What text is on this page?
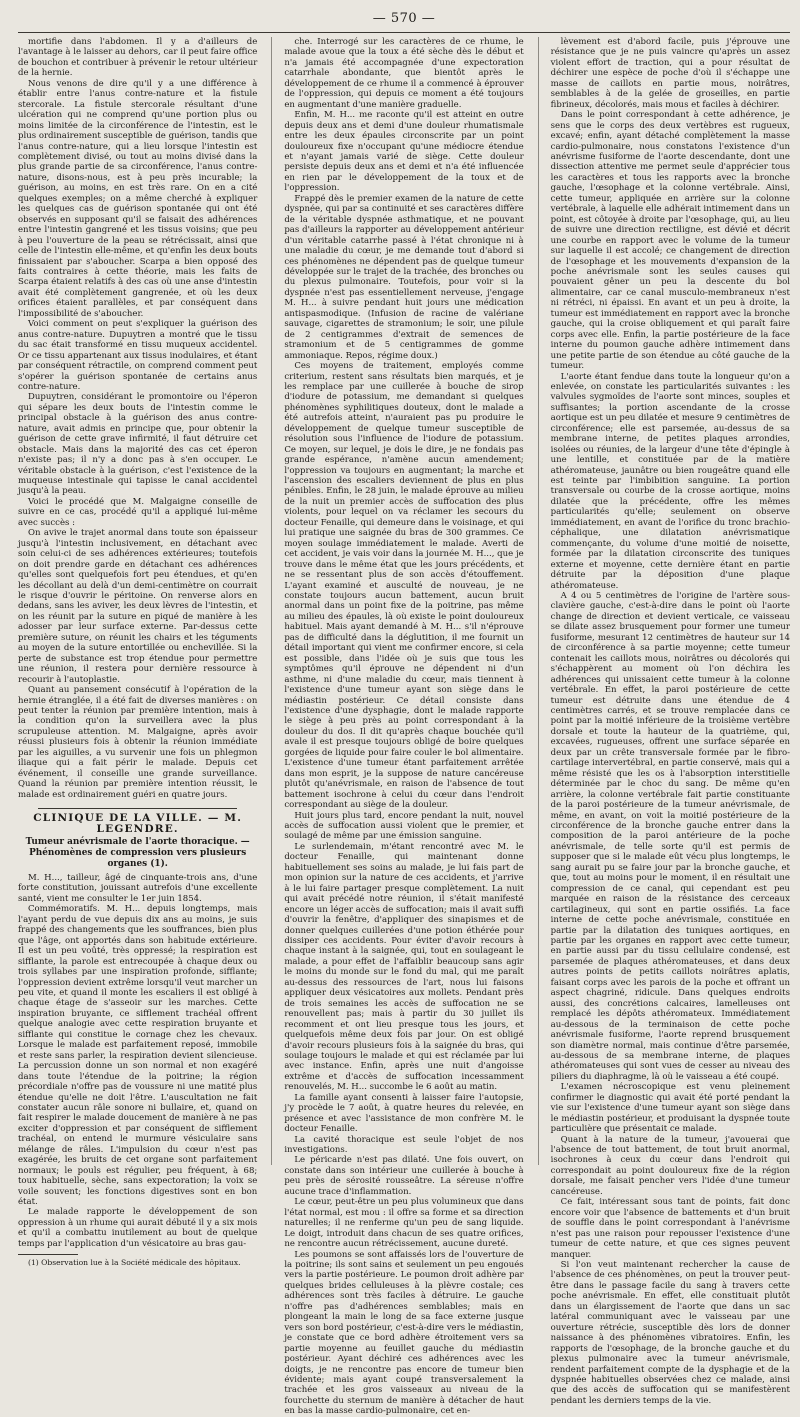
— 570 —

mortifie dans l'abdomen. Il y a d'ailleurs de l'avantage à le laisser au dehors, car il peut faire office de bouchon et contribuer à prévenir le retour ultérieur de la hernie.

Nous venons de dire qu'il y a une différence à établir entre l'anus contre-nature et la fistule stercorale. La fistule stercorale résultant d'une ulcération qui ne comprend qu'une portion plus ou moins limitée de la circonférence de l'intestin, est le plus ordinairement susceptible de guérison, tandis que l'anus contre-nature, qui a lieu lorsque l'intestin est complètement divisé, ou tout au moins divisé dans la plus grande partie de sa circonférence, l'anus contre-nature, disons-nous, est à peu près incurable; la guérison, au moins, en est très rare. On en a cité quelques exemples; on a même cherché à expliquer les quelques cas de guérison spontanée qui ont été observés en supposant qu'il se faisait des adhérences entre l'intestin gangrené et les tissus voisins; que peu à peu l'ouverture de la peau se rétrécissait, ainsi que celle de l'intestin elle-même, et qu'enfin les deux bouts finissaient par s'aboucher. Scarpa a bien opposé des faits contraires à cette théorie, mais les faits de Scarpa étaient relatifs à des cas où une anse d'intestin avait été complètement gangrenée, et où les deux orifices étaient parallèles, et par conséquent dans l'impossibilité de s'aboucher.

Voici comment on peut s'expliquer la guérison des anus contre-nature. Dupuytren a montré que le tissu du sac était transformé en tissu muqueux accidentel. Or ce tissu appartenant aux tissus inodulaires, et étant par conséquent rétractile, on comprend comment peut s'opérer la guérison spontanée de certains anus contre-nature.

Dupuytren, considérant le promontoire ou l'éperon qui sépare les deux bouts de l'intestin comme le principal obstacle à la guérison des anus contre-nature, avait admis en principe que, pour obtenir la guérison de cette grave infirmité, il faut détruire cet obstacle. Mais dans la majorité des cas cet éperon n'existe pas; il n'y a donc pas à s'en occuper. Le véritable obstacle à la guérison, c'est l'existence de la muqueuse intestinale qui tapisse le canal accidentel jusqu'à la peau.

Voici le procédé que M. Malgaigne conseille de suivre en ce cas, procédé qu'il a appliqué lui-même avec succès :

On avive le trajet anormal dans toute son épaisseur jusqu'à l'intestin inclusivement, en détachant avec soin celui-ci de ses adhérences extérieures; toutefois on doit prendre garde en détachant ces adhérences qu'elles sont quelquefois fort peu étendues, et qu'en les décollant au delà d'un demi-centimètre on courrait le risque d'ouvrir le péritoine. On renverse alors en dedans, sans les aviver, les deux lèvres de l'intestin, et on les réunit par la suture en piqué de manière à les adosser par leur surface externe. Par-dessus cette première suture, on réunit les chairs et les téguments au moyen de la suture entortillée ou enchevillée. Si la perte de substance est trop étendue pour permettre une réunion, il restera pour dernière ressource à recourir à l'autoplastie.

Quant au pansement consécutif à l'opération de la hernie étranglée, il a été fait de diverses manières : on peut tenter la réunion par première intention, mais à la condition qu'on la surveillera avec la plus scrupuleuse attention. M. Malgaigne, après avoir réussi plusieurs fois à obtenir la réunion immédiate par les aiguilles, a vu survenir une fois un phlegmon iliaque qui a fait périr le malade. Depuis cet événement, il conseille une grande surveillance. Quand la réunion par première intention réussit, le malade est ordinairement guéri en quatre jours.

CLINIQUE DE LA VILLE. — M. LEGENDRE.
Tumeur anévrismale de l'aorte thoracique. — Phénomènes de compression vers plusieurs organes (1).

M. H..., tailleur, âgé de cinquante-trois ans, d'une forte constitution, jouissant autrefois d'une excellente santé, vient me consulter le 1er juin 1854.

Commémoratifs. M. H... depuis longtemps, mais l'ayant perdu de vue depuis dix ans au moins, je suis frappé des changements que les souffrances, bien plus que l'âge, ont apportés dans son habitude extérieure. Il est un peu voûté, très oppressé; la respiration est sifflante, la parole est entrecoupée à chaque deux ou trois syllabes par une inspiration profonde, sifflante; l'oppression devient extrême lorsqu'il veut marcher un peu vite, et quand il monte les escaliers il est obligé à chaque étage de s'asseoir sur les marches. Cette inspiration bruyante, ce sifflement trachéal offrent quelque analogie avec cette respiration bruyante et sifflante qui constitue le cornage chez les chevaux. Lorsque le malade est parfaitement reposé, immobile et reste sans parler, la respiration devient silencieuse. La percussion donne un son normal et non exagéré dans toute l'étendue de la poitrine; la région précordiale n'offre pas de voussure ni une matité plus étendue qu'elle ne doit l'être. L'auscultation ne fait constater aucun râle sonore ni bullaire, et, quand on fait respirer le malade doucement de manière à ne pas exciter d'oppression et par conséquent de sifflement trachéal, on entend le murmure vésiculaire sans mélange de râles. L'impulsion du cœur n'est pas exagérée, les bruits de cet organe sont parfaitement normaux; le pouls est régulier, peu fréquent, à 68; toux habituelle, sèche, sans expectoration; la voix se voile souvent; les fonctions digestives sont en bon état.

Le malade rapporte le développement de son oppression à un rhume qui aurait débuté il y a six mois et qu'il a combattu inutilement au bout de quelque temps par l'application d'un vésicatoire au bras gau-

(1) Observation lue à la Société médicale des hôpitaux.

che. Interrogé sur les caractères de ce rhume, le malade avoue que la toux a été sèche dès le début et n'a jamais été accompagnée d'une expectoration catarrhale abondante, que bientôt après le développement de ce rhume il a commencé à éprouver de l'oppression, qui depuis ce moment a été toujours en augmentant d'une manière graduelle.

Enfin, M. H... me raconte qu'il est atteint en outre depuis deux ans et demi d'une douleur rhumatismale entre les deux épaules circonscrite par un point douloureux fixe n'occupant qu'une médiocre étendue et n'ayant jamais varié de siège. Cette douleur persiste depuis deux ans et demi et n'a été influencée en rien par le développement de la toux et de l'oppression.

Frappé dès le premier examen de la nature de cette dyspnée, qui par sa continuité et ses caractères diffère de la véritable dyspnée asthmatique, et ne pouvant pas d'ailleurs la rapporter au développement antérieur d'un véritable catarrhe passé à l'état chronique ni à une maladie du cœur, je me demande tout d'abord si ces phénomènes ne dépendent pas de quelque tumeur développée sur le trajet de la trachée, des bronches ou du plexus pulmonaire. Toutefois, pour voir si la dyspnée n'est pas essentiellement nerveuse, j'engage M. H... à suivre pendant huit jours une médication antispasmodique. (Infusion de racine de valériane sauvage, cigarettes de stramonium; le soir, une pilule de 2 centigrammes d'extrait de semences de stramonium et de 5 centigrammes de gomme ammoniaque. Repos, régime doux.)

Ces moyens de traitement, employés comme criterium, restent sans résultats bien marqués, et je les remplace par une cuillerée à bouche de sirop d'iodure de potassium, me demandant si quelques phénomènes syphilitiques douteux, dont le malade a été autrefois atteint, n'auraient pas pu produire le développement de quelque tumeur susceptible de résolution sous l'influence de l'iodure de potassium. Ce moyen, sur lequel, je dois le dire, je ne fondais pas grande espérance, n'amène aucun amendement; l'oppression va toujours en augmentant; la marche et l'ascension des escaliers deviennent de plus en plus pénibles. Enfin, le 28 juin, le malade éprouve au milieu de la nuit un premier accès de suffocation des plus violents, pour lequel on va réclamer les secours du docteur Fenaille, qui demeure dans le voisinage, et qui lui pratique une saignée du bras de 300 grammes. Ce moyen soulage immédiatement le malade. Averti de cet accident, je vais voir dans la journée M. H..., que je trouve dans le même état que les jours précédents, et ne se ressentant plus de son accès d'étouffement. L'ayant examiné et ausculté de nouveau, je ne constate toujours aucun battement, aucun bruit anormal dans un point fixe de la poitrine, pas même au milieu des épaules, là où existe le point douloureux habituel. Mais ayant demandé à M. H... s'il n'éprouve pas de difficulté dans la déglutition, il me fournit un détail important qui vient me confirmer encore, si cela est possible, dans l'idée où je suis que tous les symptômes qu'il éprouve ne dépendent ni d'un asthme, ni d'une maladie du cœur, mais tiennent à l'existence d'une tumeur ayant son siège dans le médiastin postérieur. Ce détail consiste dans l'existence d'une dysphagie, dont le malade rapporte le siège à peu près au point correspondant à la douleur du dos. Il dit qu'après chaque bouchée qu'il avale il est presque toujours obligé de boire quelques gorgées de liquide pour faire couler le bol alimentaire. L'existence d'une tumeur étant parfaitement arrêtée dans mon esprit, je la suppose de nature cancéreuse plutôt qu'anévrismale, en raison de l'absence de tout battement isochrone à celui du cœur dans l'endroit correspondant au siège de la douleur.

Huit jours plus tard, encore pendant la nuit, nouvel accès de suffocation aussi violent que le premier, et soulagé de même par une émission sanguine.

Le surlendemain, m'étant rencontré avec M. le docteur Fenaille, qui maintenant donne habituellement ses soins au malade, je lui fais part de mon opinion sur la nature de ces accidents, et j'arrive à le lui faire partager presque complètement. La nuit qui avait précédé notre réunion, il s'était manifesté encore un léger accès de suffocation; mais il avait suffi d'ouvrir la fenêtre, d'appliquer des sinapismes et de donner quelques cuillerées d'une potion éthérée pour dissiper ces accidents. Pour éviter d'avoir recours à chaque instant à la saignée, qui, tout en soulageant le malade, a pour effet de l'affaiblir beaucoup sans agir le moins du monde sur le fond du mal, qui me paraît au-dessus des ressources de l'art, nous lui faisons appliquer deux vésicatoires aux mollets. Pendant près de trois semaines les accès de suffocation ne se renouvellent pas; mais à partir du 30 juillet ils recomment et ont lieu presque tous les jours, et quelquefois même deux fois par jour. On est obligé d'avoir recours plusieurs fois à la saignée du bras, qui soulage toujours le malade et qui est réclamée par lui avec instance. Enfin, après une nuit d'angoisse extrême et d'accès de suffocation incessamment renouvelés, M. H... succombe le 6 août au matin.

La famille ayant consenti à laisser faire l'autopsie, j'y procède le 7 août, à quatre heures du relevée, en présence et avec l'assistance de mon confrère M. le docteur Fenaille.

La cavité thoracique est seule l'objet de nos investigations.

Le péricarde n'est pas dilaté. Une fois ouvert, on constate dans son intérieur une cuillerée à bouche à peu près de sérosité rousseâtre. La séreuse n'offre aucune trace d'inflammation.

Le cœur, peut-être un peu plus volumineux que dans l'état normal, est mou : il offre sa forme et sa direction naturelles; il ne renferme qu'un peu de sang liquide. Le doigt, introduit dans chacun de ses quatre orifices, ne rencontre aucun rétrécissement, aucune dureté.

Les poumons se sont affaissés lors de l'ouverture de la poitrine; ils sont sains et seulement un peu engoués vers la partie postérieure. Le poumon droit adhère par quelques brides celluleuses à la plèvre costale; ces adhérences sont très faciles à détruire. Le gauche n'offre pas d'adhérences semblables; mais en plongeant la main le long de sa face externe jusque vers son bord postérieur, c'est-à-dire vers le médiastin, je constate que ce bord adhère étroitement vers sa partie moyenne au feuillet gauche du médiastin postérieur. Ayant déchiré ces adhérences avec les doigts, je ne rencontre pas encore de tumeur bien évidente; mais ayant coupé transversalement la trachée et les gros vaisseaux au niveau de la fourchette du sternum de manière à détacher de haut en bas la masse cardio-pulmonaire, cet en-

lèvement est d'abord facile, puis j'éprouve une résistance que je ne puis vaincre qu'après un assez violent effort de traction, qui a pour résultat de déchirer une espèce de poche d'où il s'échappe une masse de caillots en partie mous, noirâtres, semblables à de la gelée de groseilles, en partie fibrineux, décolorés, mais mous et faciles à déchirer.

Dans le point correspondant à cette adhérence, je sens que le corps des deux vertèbres est rugueux, excavé; enfin, ayant détaché complètement la masse cardio-pulmonaire, nous constatons l'existence d'un anévrisme fusiforme de l'aorte descendante, dont une dissection attentive me permet seule d'apprécier tous les caractères et tous les rapports avec la bronche gauche, l'œsophage et la colonne vertébrale. Ainsi, cette tumeur, appliquée en arrière sur la colonne vertébrale, à laquelle elle adhérait intimement dans un point, est côtoyée à droite par l'œsophage, qui, au lieu de suivre une direction rectiligne, est dévié et décrit une courbe en rapport avec le volume de la tumeur sur laquelle il est accolé; ce changement de direction de l'œsophage et les mouvements d'expansion de la poche anévrismale sont les seules causes qui pouvaient gêner un peu la descente du bol alimentaire, car ce canal musculo-membraneux n'est ni rétréci, ni épaissi. En avant et un peu à droite, la tumeur est immédiatement en rapport avec la bronche gauche, qui la croise obliquement et qui paraît faire corps avec elle. Enfin, la partie postérieure de la face interne du poumon gauche adhère intimement dans une petite partie de son étendue au côté gauche de la tumeur.

L'aorte étant fendue dans toute la longueur qu'on a enlevée, on constate les particularités suivantes : les valvules sygmoïdes de l'aorte sont minces, souples et suffisantes; la portion ascendante de la crosse aortique est un peu dilatée et mesure 9 centimètres de circonférence; elle est parsemée, au-dessus de sa membrane interne, de petites plaques arrondies, isolées ou réunies, de la largeur d'une tête d'épingle à une lentille, et constituée par de la matière athéromateuse, jaunâtre ou bien rougeâtre quand elle est teinte par l'imbibition sanguine. La portion transversale ou courbe de la crosse aortique, moins dilatée que la précédente, offre les mêmes particularités qu'elle; seulement on observe immédiatement, en avant de l'orifice du tronc brachio-céphalique, une dilatation anévrismatique commençante, du volume d'une moitié de noisette, formée par la dilatation circonscrite des tuniques externe et moyenne, cette dernière étant en partie détruite par la déposition d'une plaque athéromateuse.

A 4 ou 5 centimètres de l'origine de l'artère sous-clavière gauche, c'est-à-dire dans le point où l'aorte change de direction et devient verticale, ce vaisseau se dilate assez brusquement pour former une tumeur fusiforme, mesurant 12 centimètres de hauteur sur 14 de circonférence à sa partie moyenne; cette tumeur contenait les caillots mous, noirâtres ou décolorés qui s'échappèrent au moment où l'on déchira les adhérences qui unissaient cette tumeur à la colonne vertébrale. En effet, la paroi postérieure de cette tumeur est détruite dans une étendue de 4 centimètres carrés, et se trouve remplacée dans ce point par la moitié inférieure de la troisième vertèbre dorsale et toute la hauteur de la quatrième, qui, excavées, rugueuses, offrent une surface séparée en deux par un crête transversale formée par le fibro-cartilage intervertébral, en partie conservé, mais qui a même résisté que les os à l'absorption interstitielle déterminée par le choc du sang. De même qu'en arrière, la colonne vertébrale fait partie constituante de la paroi postérieure de la tumeur anévrismale, de même, en avant, on voit la moitié postérieure de la circonférence de la bronche gauche entrer dans la composition de la paroi antérieure de la poche anévrismale, de telle sorte qu'il est permis de supposer que si le malade eût vécu plus longtemps, le sang aurait pu se faire jour par la bronche gauche, et que, tout au moins pour le moment, il en résultait une compression de ce canal, qui cependant est peu marquée en raison de la résistance des cerceaux cartilagineux, qui sont en partie ossifiés. La face interne de cette poche anévrismale, constituée en partie par la dilatation des tuniques aortiques, en partie par les organes en rapport avec cette tumeur, en partie aussi par du tissu cellulaire condensé, est parsemée de plaques athéromateuses, et dans deux autres points de petits caillots noirâtres aplatis, faisant corps avec les parois de la poche et offrant un aspect chagriné, ridicule. Dans quelques endroits aussi, des concrétions calcaires, lamelleuses ont remplacé les dépôts athéromateux. Immédiatement au-dessous de la terminaison de cette poche anévrismale fusiforme, l'aorte reprend brusquement son diamètre normal, mais continue d'être parsemée, au-dessous de sa membrane interne, de plaques athéromateuses qui sont vues de cesser au niveau des piliers du diaphragme, là où le vaisseau a été coupé.

L'examen nécroscopique est venu pleinement confirmer le diagnostic qui avait été porté pendant la vie sur l'existence d'une tumeur ayant son siège dans le médiastin postérieur, et produisant la dyspnée toute particulière que présentait ce malade.

Quant à la nature de la tumeur, j'avouerai que l'absence de tout battement, de tout bruit anormal, isochrones à ceux du cœur dans l'endroit qui correspondait au point douloureux fixe de la région dorsale, me faisait pencher vers l'idée d'une tumeur cancéreuse.

Ce fait, intéressant sous tant de points, fait donc encore voir que l'absence de battements et d'un bruit de souffle dans le point correspondant à l'anévrisme n'est pas une raison pour repousser l'existence d'une tumeur de cette nature, et que ces signes peuvent manquer.

Si l'on veut maintenant rechercher la cause de l'absence de ces phénomènes, on peut la trouver peut-être dans le passage facile du sang à travers cette poche anévrismale. En effet, elle constituait plutôt dans un élargissement de l'aorte que dans un sac latéral communiquant avec le vaisseau par une ouverture rétrécie, susceptible dès lors de donner naissance à des phénomènes vibratoires. Enfin, les rapports de l'œsophage, de la bronche gauche et du plexus pulmonaire avec la tumeur anévrismale, rendent parfaitement compte de la dysphagie et de la dyspnée habituelles observées chez ce malade, ainsi que des accès de suffocation qui se manifestèrent pendant les derniers temps de la vie.
